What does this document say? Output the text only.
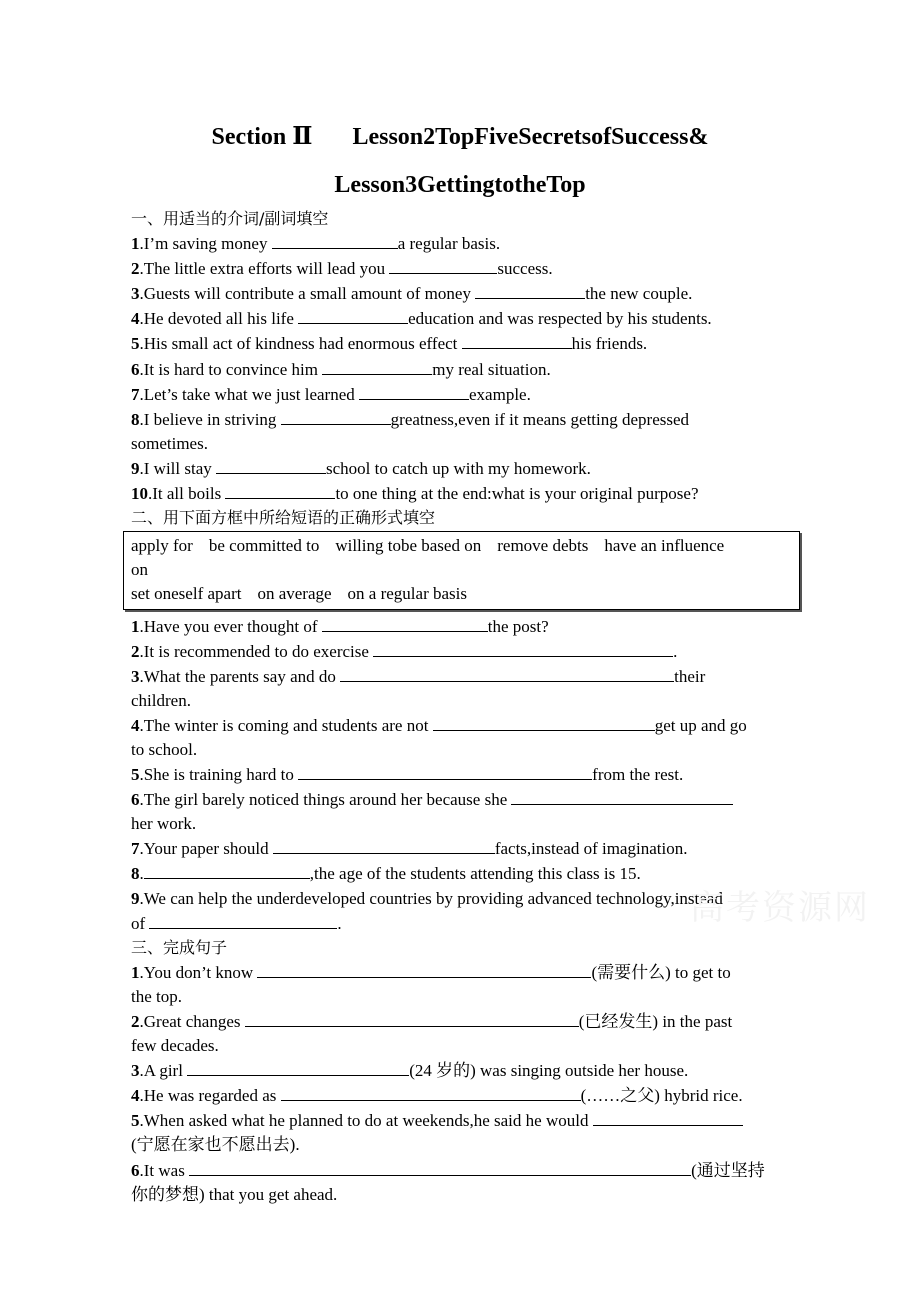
Section Ⅱ Lesson2TopFiveSecretsofSuccess&
Lesson3GettingtotheTop
一、用适当的介词/副词填空
1.I’m saving money	a regular basis.
2.The little extra efforts will lead you	success.
3.Guests will contribute a small amount of money	the new couple.
4.He devoted all his life	education and was respected by his students.
5.His small act of kindness had enormous effect	his friends.
6.It is hard to convince him	my real situation.
7.Let’s take what we just learned	example.
8.I believe in striving	greatness,even if it means getting depressed
sometimes.
9.I will stay	school to catch up with my homework.
10.It all boils	to one thing at the end:what is your original purpose?
二、用下面方框中所给短语的正确形式填空
apply for be committed to willing tobe based on remove debts have an influence
on
set oneself apart on average on a regular basis
1.Have you ever thought of	the post?
2.It is recommended to do exercise	.
3.What the parents say and do	their
children.
4.The winter is coming and students are not	get up and go
to school.
5.She is training hard to	from the rest.
6.The girl barely noticed things around her because she
her work.
7.Your paper should	facts,instead of imagination.
8.	,the age of the students attending this class is 15.
9.We can help the underdeveloped countries by providing advanced technology,instead
of	.
三、完成句子
1.You don’t know	(需要什么) to get to
the top.
2.Great changes	(已经发生) in the past
few decades.
3.A girl	(24 岁的) was singing outside her house.
4.He was regarded as	(……之父) hybrid rice.
5.When asked what he planned to do at weekends,he said he would
(宁愿在家也不愿出去).
6.It was	(通过坚持
你的梦想) that you get ahead.
高考资源网
